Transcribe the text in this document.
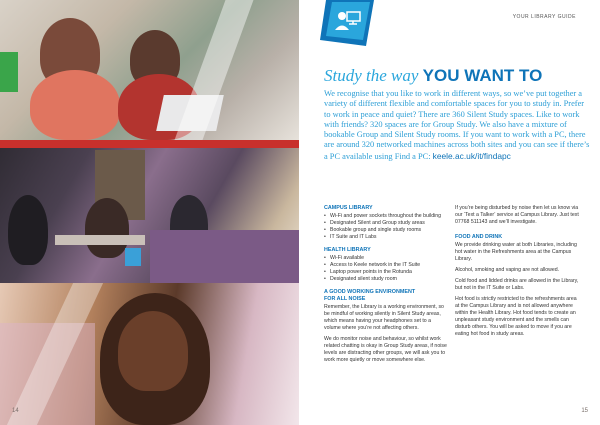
14
YOUR LIBRARY GUIDE
Study the way YOU WANT TO
We recognise that you like to work in different ways, so we’ve put together a variety of different flexible and comfortable spaces for you to study in. Prefer to work in peace and quiet? There are 360 Silent Study spaces. Like to work with friends? 320 spaces are for Group Study. We also have a mixture of bookable Group and Silent Study rooms. If you want to work with a PC, there are around 320 networked machines across both sites and you can see if there’s a PC available using Find a PC: keele.ac.uk/it/findapc
CAMPUS LIBRARY
• Wi-Fi and power sockets throughout the building
• Designated Silent and Group study areas
• Bookable group and single study rooms
• IT Suite and IT Labs
HEALTH LIBRARY
• Wi-Fi available
• Access to Keele network in the IT Suite
• Laptop power points in the Rotunda
• Designated silent study room
A GOOD WORKING ENVIRONMENT
FOR ALL NOISE

Remember, the Library is a working environment, so be mindful of working silently in Silent Study areas, which means having your headphones set to a volume where you’re not affecting others.

We do monitor noise and behaviour, so whilst work related chatting is okay in Group Study areas, if noise levels are distracting other groups, we will ask you to work more quietly or move somewhere else.

If you’re being disturbed by noise then let us know via our ‘Text a Talker’ service at Campus Library. Just text 07768 511143 and we’ll investigate.

FOOD AND DRINK

We provide drinking water at both Libraries, including hot water in the Refreshments area at the Campus Library.

Alcohol, smoking and vaping are not allowed.

Cold food and lidded drinks are allowed in the Library, but not in the IT Suite or Labs.

Hot food is strictly restricted to the refreshments area at the Campus Library and is not allowed anywhere within the Health Library. Hot food tends to create an unpleasant study environment and the smells can disturb others. You will be asked to move if you are eating hot food in study areas.

15
